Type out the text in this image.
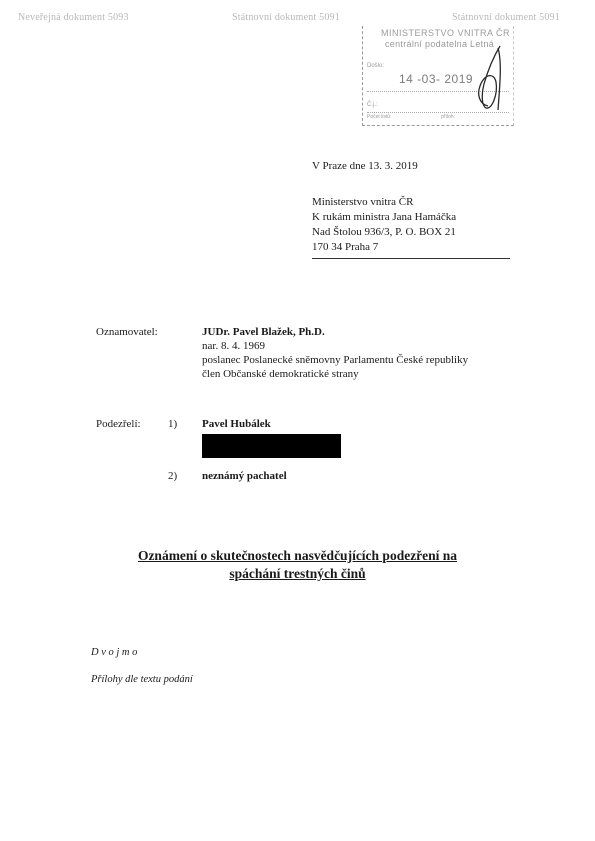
Neveřejná dokument 5093	Státnovní dokument 5091	Státnovní dokument 5091
MINISTERSTVO VNITRA ČR
centrální podatelna Letná
Došlo:
14 -03- 2019
Č.j.:
Počet listů:	příloh:
V Praze dne 13. 3. 2019
Ministerstvo vnitra ČR
K rukám ministra Jana Hamáčka
Nad Štolou 936/3, P. O. BOX 21
170 34 Praha 7
Oznamovatel:	JUDr. Pavel Blažek, Ph.D.
nar. 8. 4. 1969
poslanec Poslanecké sněmovny Parlamentu České republiky
člen Občanské demokratické strany
Podezřelí: 1) Pavel Hubálek
2) neznámý pachatel
Oznámení o skutečnostech nasvědčujících podezření na
spáchání trestných činů
D v o j m o
Přílohy dle textu podání
